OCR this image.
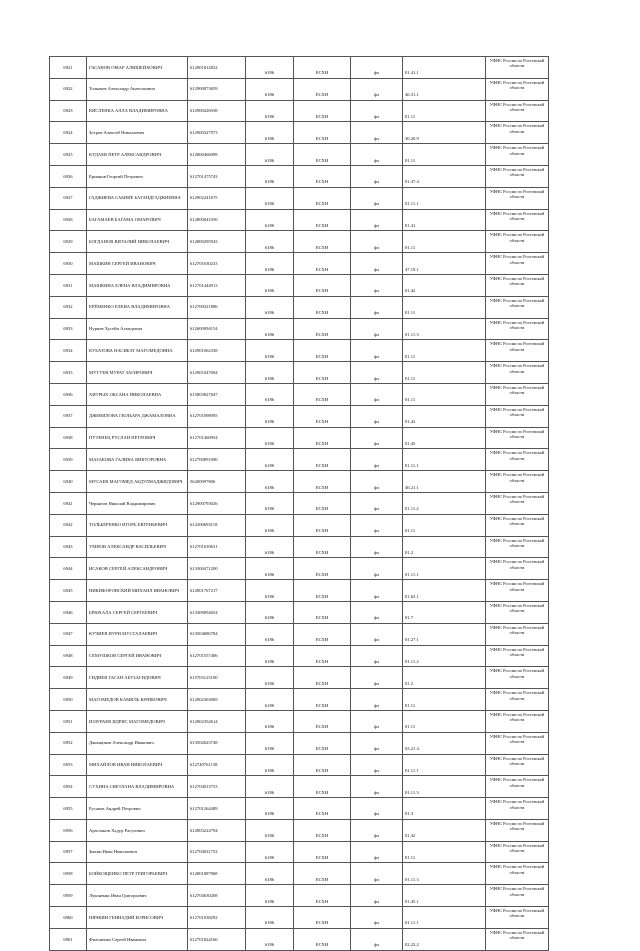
6921	ГАСАНОВ ОМАР АЛИШЕЙХОВИЧ	612901812822	6186	ЕСХН	фл	01.41.1	УФНС России по Ростовской области
6922	Толкачев Александр Анатольевич	612900873659	6186	ЕСХН	фл	46.31.1	УФНС России по Ростовской области
6923	КИСЛЕНКА АЛЛА ВЛАДИМИРОВНА	612900426938	6186	ЕСХН	фл	01.11	УФНС России по Ростовской области
6924	Зотров Алексей Николаевич	612900327973	6186	ЕСХН	фл	30.20.9	УФНС России по Ростовской области
6925	КУДАЕВ ПЕТР АЛЕКСАНДРОВИЧ	612800466098	6186	ЕСХН	фл	01.11	УФНС России по Ростовской области
6926	Ерманов Георгий Петрович	612701475743	6186	ЕСХН	фл	01.47.4	УФНС России по Ростовской области
6927	ГАДЖИЕВА САБИНЕ БАГАНДГАДЖИЕВНА	612902241675	6186	ЕСХН	фл	01.11.1	УФНС России по Ростовской области
6928	БАГАМАЕВ БАГАМА ОМАРОВИЧ	612800041050	6186	ЕСХН	фл	01.41	УФНС России по Ростовской области
6929	БОГДАНОВ ВИТАЛИЙ НИКОЛАЕВИЧ	612800295943	6186	ЕСХН	фл	01.11	УФНС России по Ростовской области
6930	МАШКИН СЕРГЕЙ ИВАНОВИЧ	612701630233	6186	ЕСХН	фл	47.19.1	УФНС России по Ростовской области
6931	МАШКИНА ЕЛЕНА ВЛАДИМИРОВНА	612701444913	6186	ЕСХН	фл	01.42	УФНС России по Ростовской области
6932	ЕРЁМЕНКО ЕЛЕНА ВЛАДИМИРОВНА	612700321886	6186	ЕСХН	фл	01.11	УФНС России по Ростовской области
6933	Нуриев Хусейн Ахмедович	612600094154	6186	ЕСХН	фл	01.11.3	УФНС России по Ростовской области
6934	КУБАТОВА НАСИБАТ МАГОМЕДОВНА	612901062338	6186	ЕСХН	фл	01.11	УФНС России по Ростовской области
6935	МУТУЕВ МУРАТ ЗАГИРОВИЧ	612901047694	6186	ЕСХН	фл	01.11	УФНС России по Ростовской области
6936	ХИТРЫХ ОКСАНА НИКОЛАЕВНА	615803827847	6186	ЕСХН	фл	01.11	УФНС России по Ростовской области
6937	ДЖЕВИЛОВА ГЮЛЬАРА ДЖАМАЛОВНА	612701098095	6186	ЕСХН	фл	01.42	УФНС России по Ростовской области
6938	ПУТЕНЕЦ РУСЛАН ПЕТРОВИЧ	612701460954	6186	ЕСХН	фл	01.45	УФНС России по Ростовской области
6939	МАЗАКОВА ГАЛИНА ВИКТОРОВНА	612700891090	6186	ЕСХН	фл	01.11.1	УФНС России по Ростовской области
6940	МУСАЕВ МАГОМЕД АБДУЛМАДЖИДОВИЧ	56200097806	6186	ЕСХН	фл	46.21.1	УФНС России по Ростовской области
6941	Чернятов Николай Владимирович	612900793026	6186	ЕСХН	фл	01.11.2	УФНС России по Ростовской области
6942	ТОЛЬБЕРЕНКО ИГОРЬ ЕВГЕНЬЕВИЧ	612300693118	6186	ЕСХН	фл	01.11	УФНС России по Ростовской области
6943	УМНОВ АЛЕКСАНДР ВАСИЛЬЕВИЧ	612701639631	6186	ЕСХН	фл	01.2	УФНС России по Ростовской области
6944	ИСАКОВ СЕРГЕЙ АЛЕКСАНДРОВИЧ	613300471200	6186	ЕСХН	фл	01.11.1	УФНС России по Ростовской области
6945	НИКИФОРОВСКИЙ МИХАИЛ ИВАНОВИЧ	612801767217	6186	ЕСХН	фл	01.63.1	УФНС России по Ростовской области
6946	БРЮХАЛА СЕРГЕЙ СЕРГЕЕВИЧ	613309094654	6186	ЕСХН	фл	01.7	УФНС России по Ростовской области
6947	КУЧИЕВ НУРИ МУСТАЛАЕВИЧ	613504686784	6186	ЕСХН	фл	01.27.1	УФНС России по Ростовской области
6948	СЕМУШКОВ СЕРГЕЙ ИВАНОВИЧ	612701557406	6186	ЕСХН	фл	01.11.2	УФНС России по Ростовской области
6949	ГИДИЕВ ГАСАН АБУЗАГИДОВИЧ	615703125100	6186	ЕСХН	фл	01.2	УФНС России по Ростовской области
6950	МАГОМЕДОВ КАМИЛЬ ЮРИКОВИЧ	612902363069	6186	ЕСХН	фл	01.11	УФНС России по Ростовской области
6951	ИЗЗУРАЕВ ИДРИС МАГОМЕДОВИЧ	612902352614	6186	ЕСХН	фл	01.11	УФНС России по Ростовской области
6952	Даньщиков Александр Иванович	613502623748	6186	ЕСХН	фл	03.21.4	УФНС России по Ростовской области
6953	МИХАЙЛОВ ИВАН НИКОЛАЕВИЧ	612740761138	6186	ЕСХН	фл	01.11.1	УФНС России по Ростовской области
6954	СУХИНА СВЕТЛАНА ВЛАДИМИРОВНА	612704013753	6186	ЕСХН	фл	01.11.3	УФНС России по Ростовской области
6955	Русаков Андрей Петрович	612701264489	6186	ЕСХН	фл	01.3	УФНС России по Ростовской области
6956	Арасланов Хадур Расулович	612803224794	6186	ЕСХН	фл	01.42	УФНС России по Ростовской области
6957	Зыкин Иван Николаевич	612704031752	6186	ЕСХН	фл	01.11	УФНС России по Ростовской области
6958	БОЙКОЩЕНКО ПЕТР ГРИГОРЬЕВИЧ	612801887968	6186	ЕСХН	фл	01.11.3	УФНС России по Ростовской области
6959	Луконенко Иван Григорьевич	612704630208	6186	ЕСХН	фл	01.45.1	УФНС России по Ростовской области
6960	НЯЧКИН ГЕННАДИЙ БОРИСОВИЧ	612701038292	6186	ЕСХН	фл	01.11.1	УФНС России по Ростовской области
6961	Филоненко Сергей Иванович	612701824166	6186	ЕСХН	фл	02.22.2	УФНС России по Ростовской области
